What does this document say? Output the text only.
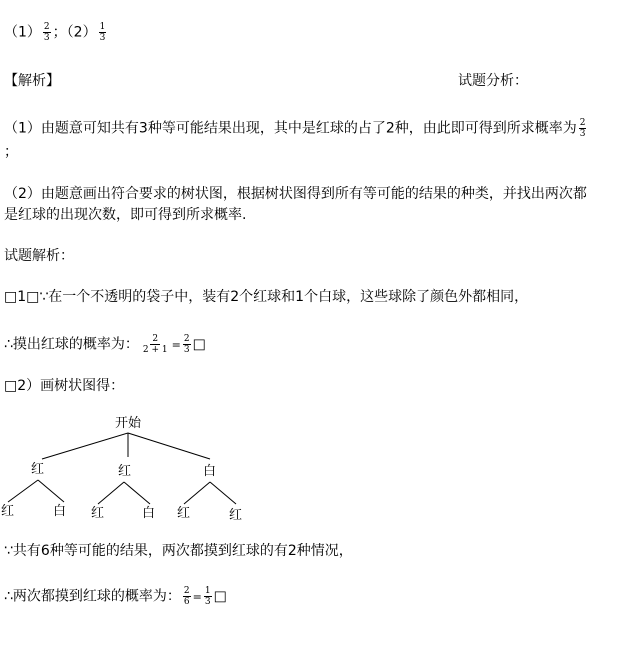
$(1) \frac{2}{3}$ ；$(2) \frac{1}{3}$
【解析】	试题分析：
（1）由题意可知共有3种等可能结果出现，其中是红球的占了2种，由此即可得到所求概率为 $\frac{2}{3}$
；
（2）由题意画出符合要求的树状图，根据树状图得到所有等可能的结果的种类，并找出两次都
是红球的出现次数，即可得到所求概率.
试题解析：
□1□∵在一个不透明的袋子中，装有2个红球和1个白球，这些球除了颜色外都相同，
∴摸出红球的概率为： $\frac{2}{2 + 1} = \frac{2}{3}$ □
□2）画树状图得：
开始
红	红	白
红	白 红	白 红	红
∵共有6种等可能的结果，两次都摸到红球的有2种情况，
∴两次都摸到红球的概率为： $\frac{2}{6} = \frac{1}{3}$ □
